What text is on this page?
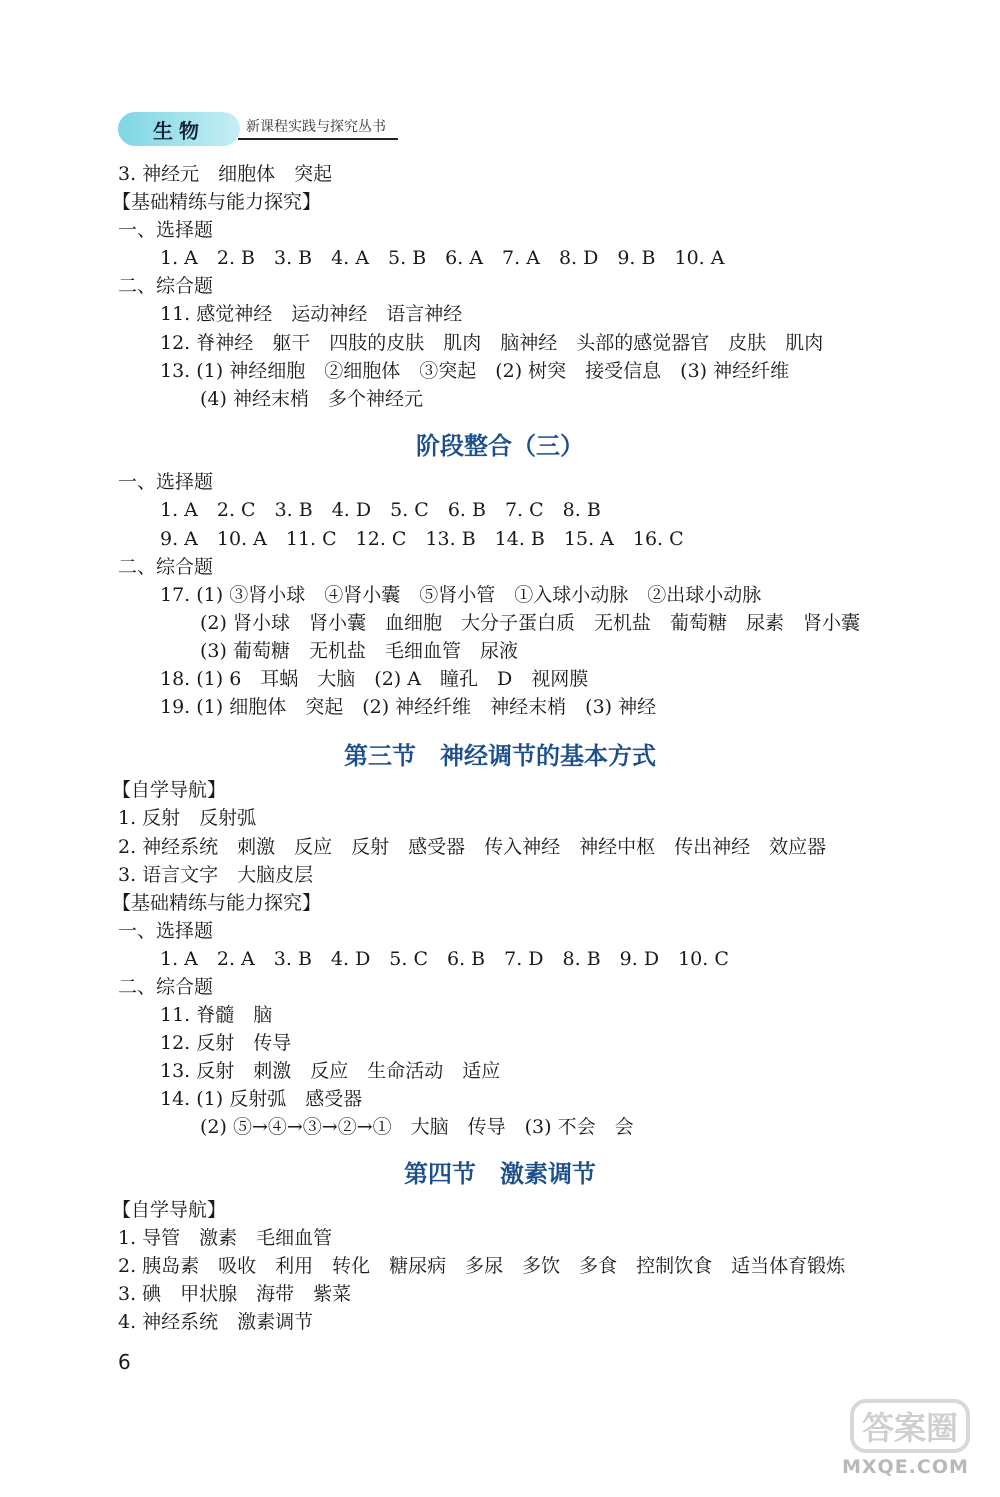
生物	新课程实践与探究丛书
3. 神经元　细胞体　突起
【基础精练与能力探究】
一、选择题
1. A　2. B　3. B　4. A　5. B　6. A　7. A　8. D　9. B　10. A
二、综合题
11. 感觉神经　运动神经　语言神经
12. 脊神经　躯干　四肢的皮肤　肌肉　脑神经　头部的感觉器官　皮肤　肌肉
13. (1) 神经细胞　②细胞体　③突起　(2) 树突　接受信息　(3) 神经纤维
(4) 神经末梢　多个神经元
阶段整合（三）
一、选择题
1. A　2. C　3. B　4. D　5. C　6. B　7. C　8. B
9. A　10. A　11. C　12. C　13. B　14. B　15. A　16. C
二、综合题
17. (1) ③肾小球　④肾小囊　⑤肾小管　①入球小动脉　②出球小动脉
(2) 肾小球　肾小囊　血细胞　大分子蛋白质　无机盐　葡萄糖　尿素　肾小囊
(3) 葡萄糖　无机盐　毛细血管　尿液
18. (1) 6　耳蜗　大脑　(2) A　瞳孔　D　视网膜
19. (1) 细胞体　突起　(2) 神经纤维　神经末梢　(3) 神经
第三节　神经调节的基本方式
【自学导航】
1. 反射　反射弧
2. 神经系统　刺激　反应　反射　感受器　传入神经　神经中枢　传出神经　效应器
3. 语言文字　大脑皮层
【基础精练与能力探究】
一、选择题
1. A　2. A　3. B　4. D　5. C　6. B　7. D　8. B　9. D　10. C
二、综合题
11. 脊髓　脑
12. 反射　传导
13. 反射　刺激　反应　生命活动　适应
14. (1) 反射弧　感受器
(2) ⑤→④→③→②→①　大脑　传导　(3) 不会　会
第四节　激素调节
【自学导航】
1. 导管　激素　毛细血管
2. 胰岛素　吸收　利用　转化　糖尿病　多尿　多饮　多食　控制饮食　适当体育锻炼
3. 碘　甲状腺　海带　紫菜
4. 神经系统　激素调节
6
答案圈
MXQE.COM
